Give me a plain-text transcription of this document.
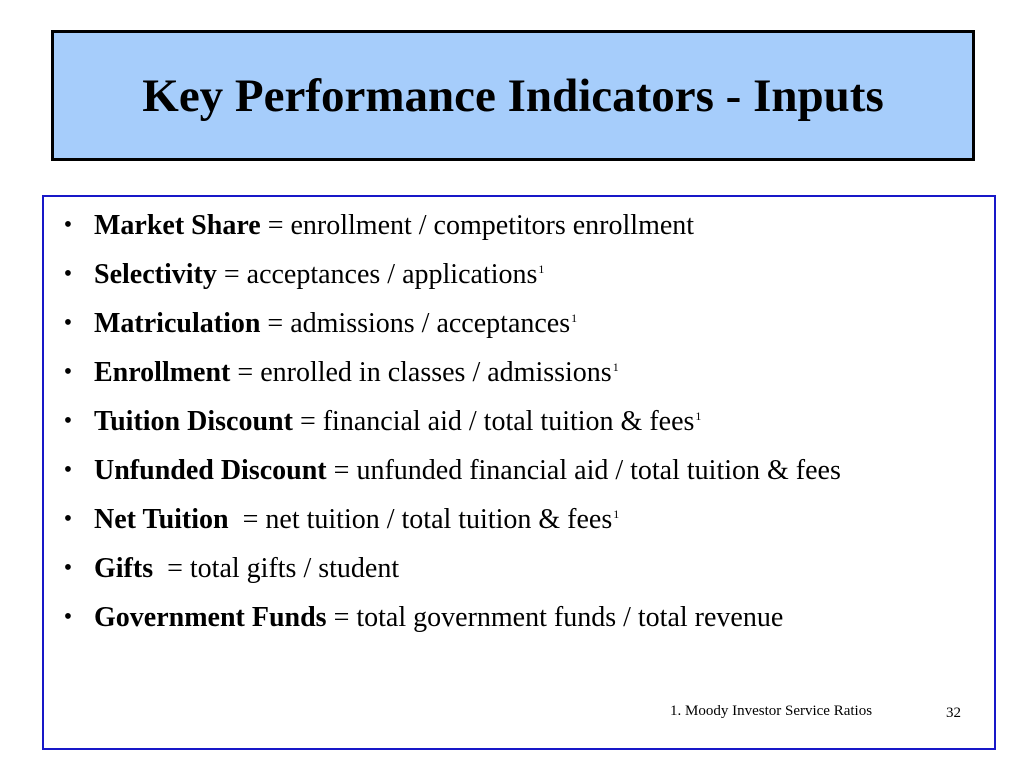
Key Performance Indicators - Inputs
• Market Share = enrollment / competitors enrollment
• Selectivity = acceptances / applications$^1$
• Matriculation = admissions / acceptances$^1$
• Enrollment = enrolled in classes / admissions$^1$
• Tuition Discount = financial aid / total tuition & fees$^1$
• Unfunded Discount = unfunded financial aid / total tuition & fees
• Net Tuition  = net tuition / total tuition & fees$^1$
• Gifts  = total gifts / student
• Government Funds = total government funds / total revenue
1. Moody Investor Service Ratios	32
